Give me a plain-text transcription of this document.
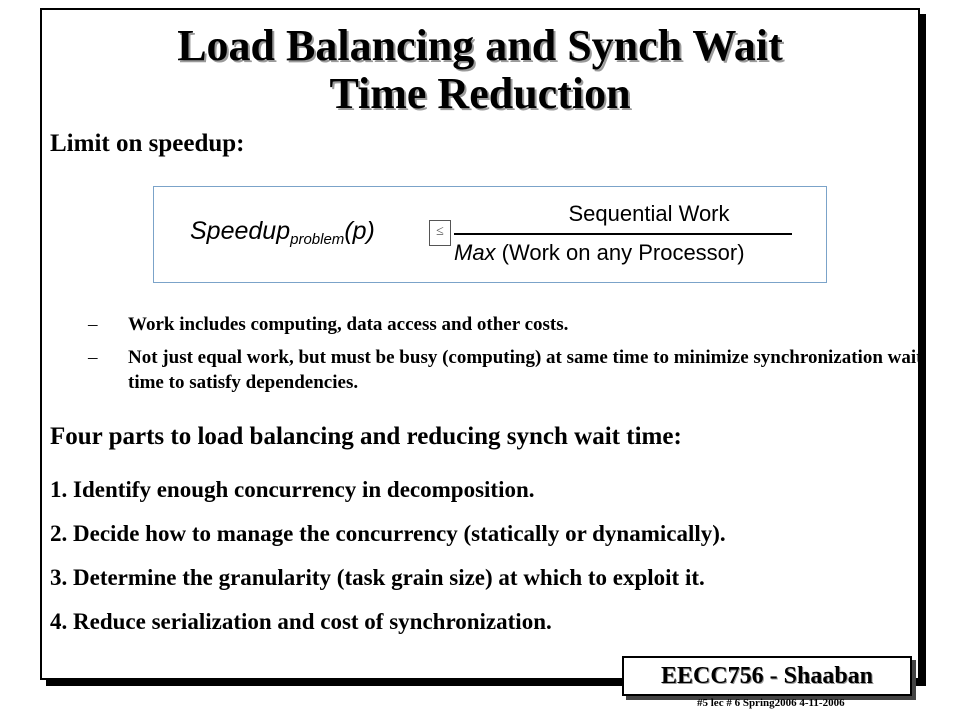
Load Balancing and Synch Wait
Time Reduction
Limit on speedup:
Speedup$_{problem}$(p)	≤
Sequential Work
Max (Work on any Processor)
– Work includes computing, data access and other costs.
– Not just equal work, but must be busy (computing) at same time to minimize synchronization wait time to satisfy dependencies.
Four parts to load balancing and reducing synch wait time:
1. Identify enough concurrency in decomposition.
2. Decide how to manage the concurrency (statically or dynamically).
3. Determine the granularity (task grain size) at which to exploit it.
4. Reduce serialization and cost of synchronization.
EECC756 - Shaaban
#5 lec # 6 Spring2006 4-11-2006
